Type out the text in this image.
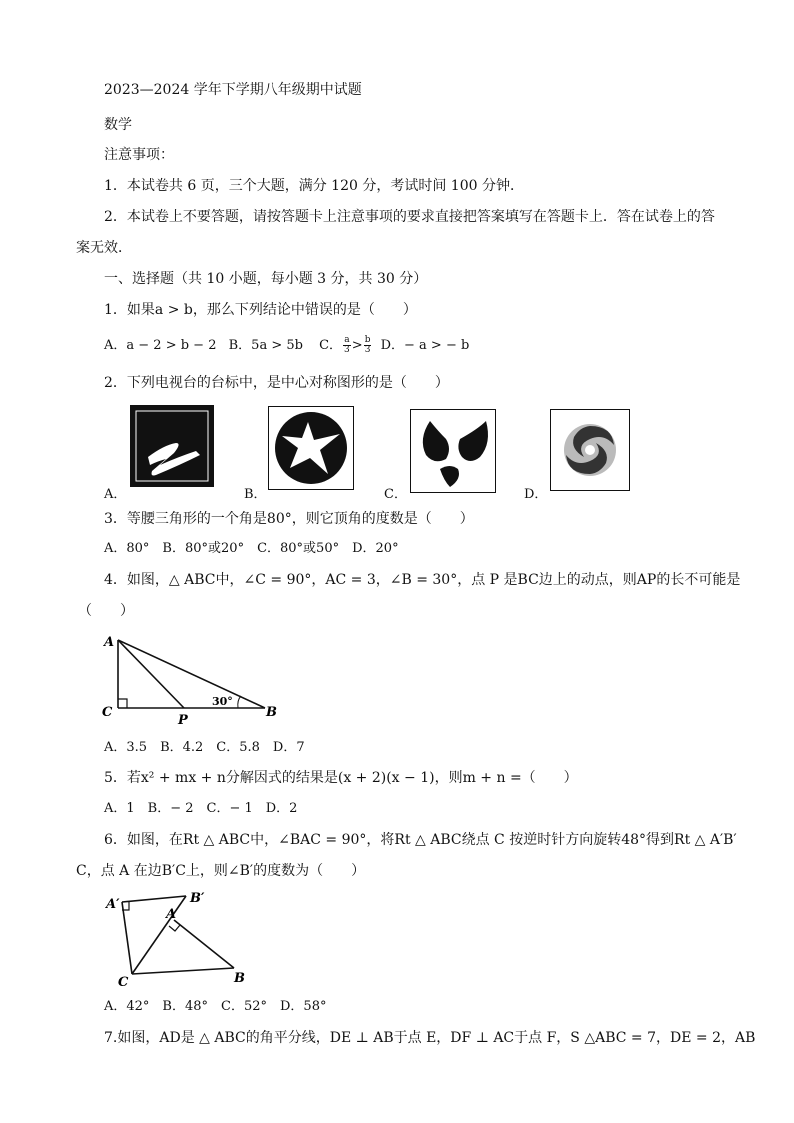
2023—2024 学年下学期八年级期中试题
数学
注意事项：
1．本试卷共 6 页，三个大题，满分 120 分，考试时间 100 分钟．
2．本试卷上不要答题，请按答题卡上注意事项的要求直接把答案填写在答题卡上．答在试卷上的答
案无效．
一、选择题（共 10 小题，每小题 3 分，共 30 分）
1．如果a > b，那么下列结论中错误的是（　　）
A．a − 2 > b − 2 B．5a > 5b C． $\frac{a}{3} > \frac{b}{3}$ D．− a > − b
2．下列电视台的台标中，是中心对称图形的是（　　）
A．	B．	C．	D．
3．等腰三角形的一个角是80°，则它顶角的度数是（　　）
A．80°　B．80°或20°　C．80°或50°　D．20°
4．如图，△ ABC中，∠C = 90°，AC = 3，∠B = 30°，点 P 是BC边上的动点，则AP的长不可能是
（　　）
A
C
P
B
30°
A．3.5　B．4.2　C．5.8　D．7
5．若x² + mx + n分解因式的结果是(x + 2)(x − 1)，则m + n =（　　）
A．1　B．− 2　C．− 1　D．2
6．如图，在Rt △ ABC中，∠BAC = 90°，将Rt △ ABC绕点 C 按逆时针方向旋转48°得到Rt △ A′B′
C，点 A 在边B′C上，则∠B′的度数为（　　）
A′	B′
A
C	B
A．42°　B．48°　C．52°　D．58°
7.如图，AD是 △ ABC的角平分线，DE ⊥ AB于点 E，DF ⊥ AC于点 F，S △ABC = 7，DE = 2，AB
